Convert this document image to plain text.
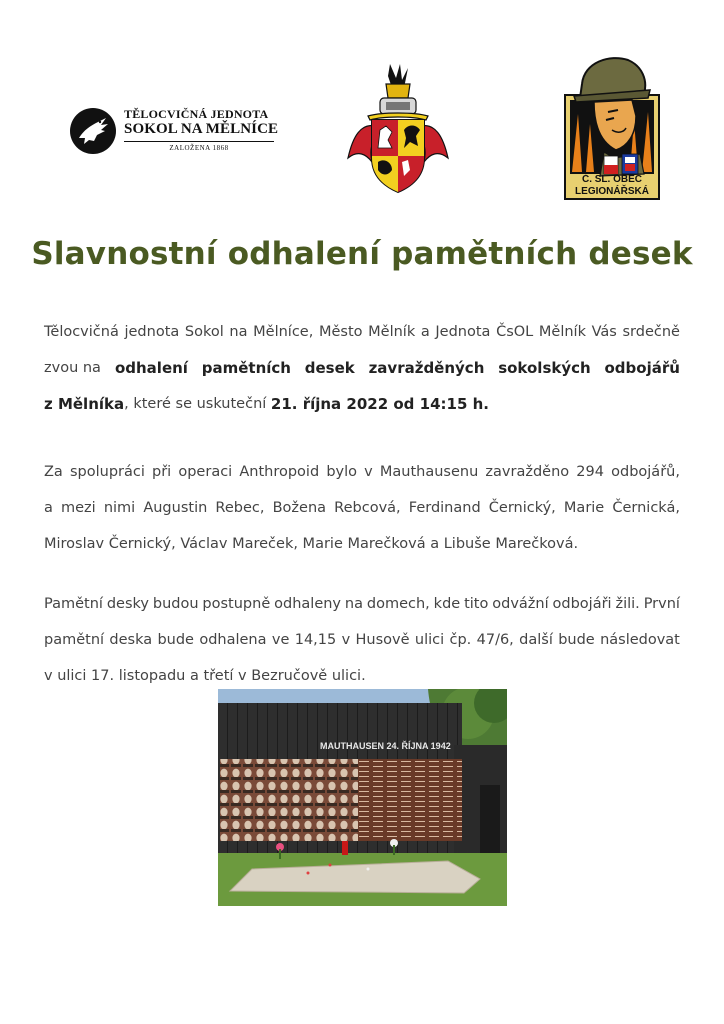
TĚLOCVIČNÁ JEDNOTA
SOKOL NA MĚLNÍCE
ZALOŽENA 1868
Č. SL. OBEC
LEGIONÁŘSKÁ
Slavnostní odhalení pamětních desek
Tělocvičná jednota Sokol na Mělníce, Město Mělník a Jednota ČsOL Mělník Vás srdečně
zvou na odhalení pamětních desek zavražděných sokolských odbojářů
z Mělníka , které se uskuteční
21. října 2022 od 14:15 h.
Za spolupráci při operaci Anthropoid bylo v Mauthausenu zavražděno 294 odbojářů,
a mezi nimi Augustin Rebec, Božena Rebcová, Ferdinand Černický, Marie Černická,
Miroslav Černický, Václav Mareček, Marie Marečková a Libuše Marečková.
Pamětní desky budou postupně odhaleny na domech, kde tito odvážní odbojáři žili. První
pamětní deska bude odhalena ve 14,15 v Husově ulici čp. 47/6, další bude následovat
v ulici 17. listopadu a třetí v Bezručově ulici.
MAUTHAUSEN 24. ŘÍJNA 1942
